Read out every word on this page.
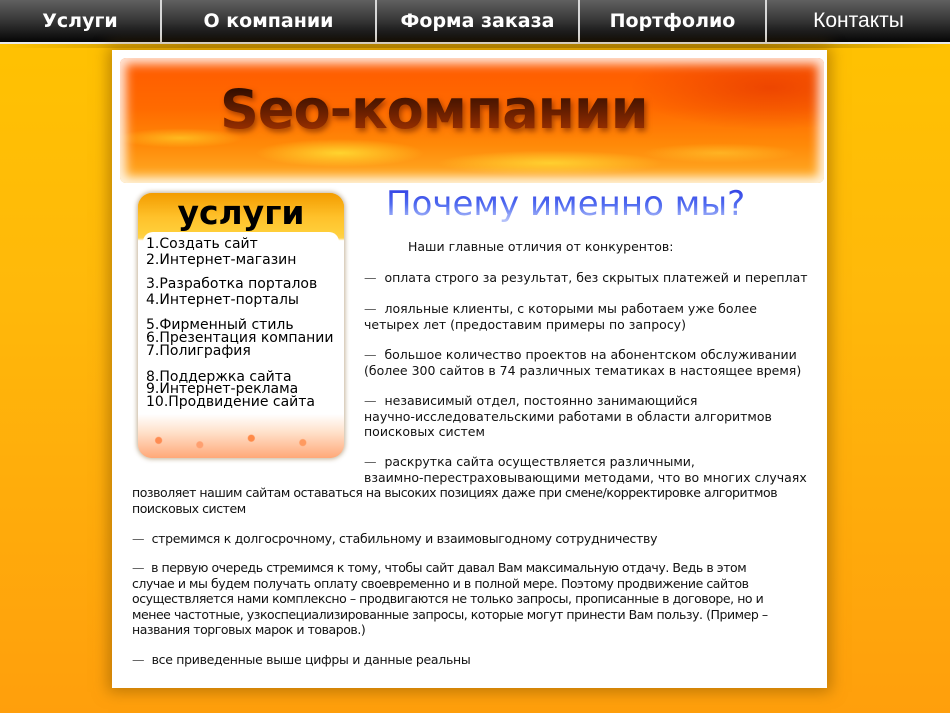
Услуги	О компании	Форма заказа	Портфолио	Контакты
Seo-компании
услуги
1.Создать сайт
2.Интернет-магазин
3.Разработка порталов
4.Интернет-порталы
5.Фирменный стиль
6.Презентация компании
7.Полиграфия
8.Поддержка сайта
9.Интернет-реклама
10.Продвидение сайта
Почему именно мы?
Наши главные отличия от конкурентов:
— оплата строго за результат, без скрытых платежей и переплат
— лояльные клиенты, с которыми мы работаем уже более
четырех лет (предоставим примеры по запросу)
— большое количество проектов на абонентском обслуживании
(более 300 сайтов в 74 различных тематиках в настоящее время)
— независимый отдел, постоянно занимающийся
научно-исследовательскими работами в области алгоритмов
поисковых систем
— раскрутка сайта осуществляется различными,
взаимно-перестраховывающими методами, что во многих случаях
позволяет нашим сайтам оставаться на высоких позициях даже при смене/корректировке алгоритмов
поисковых систем
— стремимся к долгосрочному, стабильному и взаимовыгодному сотрудничеству
— в первую очередь стремимся к тому, чтобы сайт давал Вам максимальную отдачу. Ведь в этом
случае и мы будем получать оплату своевременно и в полной мере. Поэтому продвижение сайтов
осуществляется нами комплексно – продвигаются не только запросы, прописанные в договоре, но и
менее частотные, узкоспециализированные запросы, которые могут принести Вам пользу. (Пример –
названия торговых марок и товаров.)
— все приведенные выше цифры и данные реальны
